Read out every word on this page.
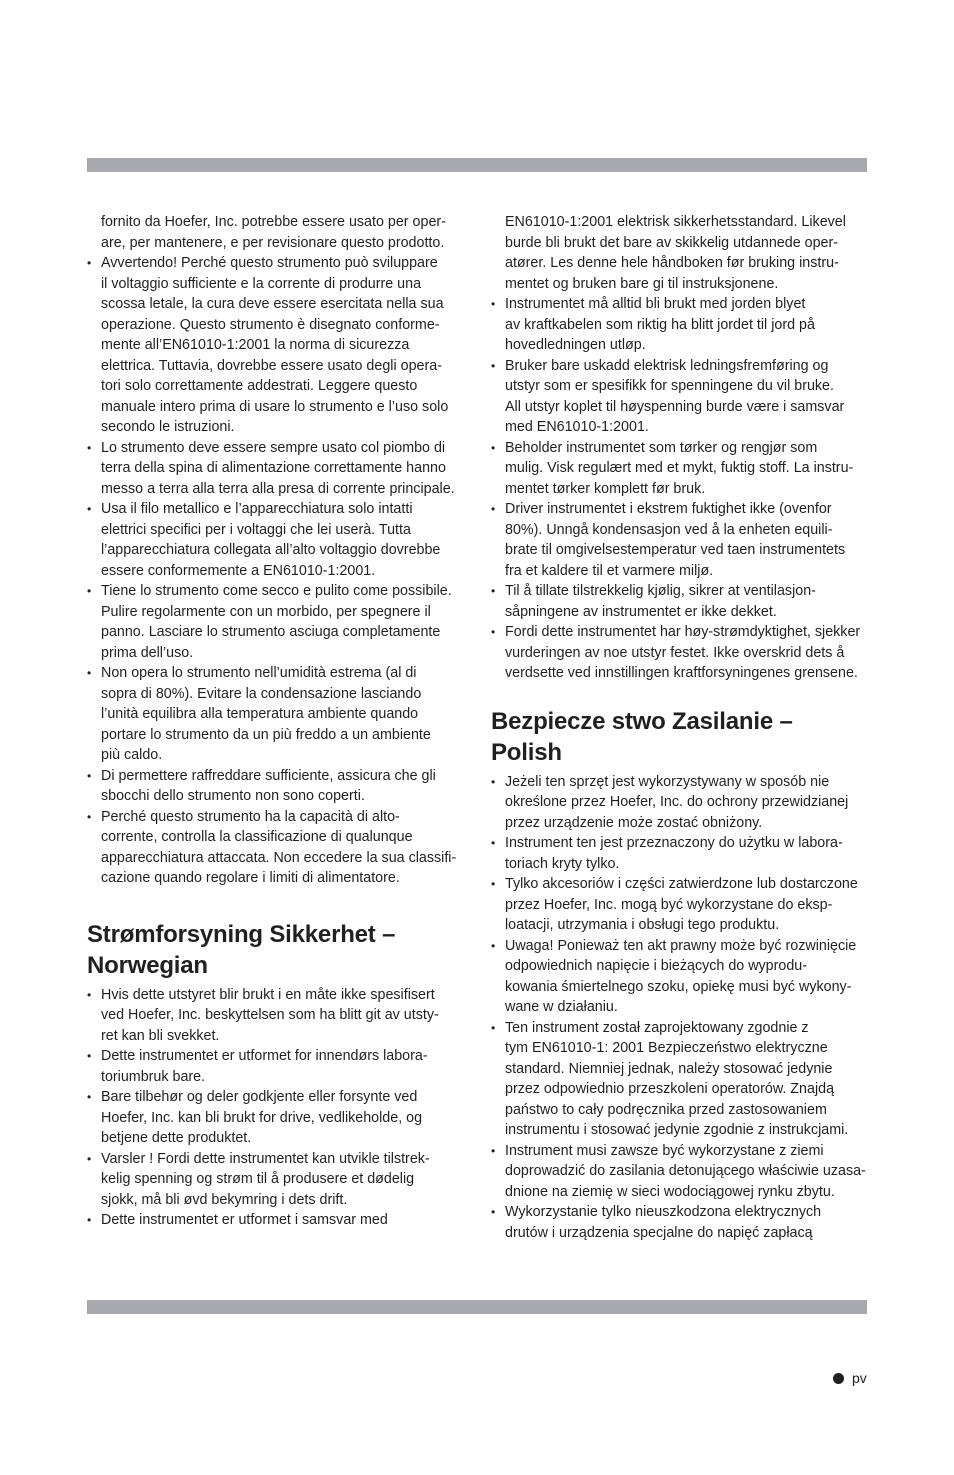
fornito da Hoefer, Inc. potrebbe essere usato per oper-
are, per mantenere, e per revisionare questo prodotto.

• Avvertendo! Perché questo strumento può sviluppare
il voltaggio sufficiente e la corrente di produrre una
scossa letale, la cura deve essere esercitata nella sua
operazione. Questo strumento è disegnato conforme-
mente all’EN61010-1:2001 la norma di sicurezza
elettrica. Tuttavia, dovrebbe essere usato degli opera-
tori solo correttamente addestrati. Leggere questo
manuale intero prima di usare lo strumento e l’uso solo
secondo le istruzioni.
• Lo strumento deve essere sempre usato col piombo di
terra della spina di alimentazione correttamente hanno
messo a terra alla terra alla presa di corrente principale.
• Usa il filo metallico e l’apparecchiatura solo intatti
elettrici specifici per i voltaggi che lei userà. Tutta
l’apparecchiatura collegata all’alto voltaggio dovrebbe
essere conformemente a EN61010-1:2001.
• Tiene lo strumento come secco e pulito come possibile.
Pulire regolarmente con un morbido, per spegnere il
panno. Lasciare lo strumento asciuga completamente
prima dell’uso.
• Non opera lo strumento nell’umidità estrema (al di
sopra di 80%). Evitare la condensazione lasciando
l’unità equilibra alla temperatura ambiente quando
portare lo strumento da un più freddo a un ambiente
più caldo.
• Di permettere raffreddare sufficiente, assicura che gli
sbocchi dello strumento non sono coperti.
• Perché questo strumento ha la capacità di alto-
corrente, controlla la classificazione di qualunque
apparecchiatura attaccata. Non eccedere la sua classifi-
cazione quando regolare i limiti di alimentatore.
Strømforsyning Sikkerhet –
Norwegian
• Hvis dette utstyret blir brukt i en måte ikke spesifisert
ved Hoefer, Inc. beskyttelsen som ha blitt git av utsty-
ret kan bli svekket.
• Dette instrumentet er utformet for innendørs labora-
toriumbruk bare.
• Bare tilbehør og deler godkjente eller forsynte ved
Hoefer, Inc. kan bli brukt for drive, vedlikeholde, og
betjene dette produktet.
• Varsler ! Fordi dette instrumentet kan utvikle tilstrek-
kelig spenning og strøm til å produsere et dødelig
sjokk, må bli øvd bekymring i dets drift.
• Dette instrumentet er utformet i samsvar med

EN61010-1:2001 elektrisk sikkerhetsstandard. Likevel
burde bli brukt det bare av skikkelig utdannede oper-
atører. Les denne hele håndboken før bruking instru-
mentet og bruken bare gi til instruksjonene.

• Instrumentet må alltid bli brukt med jorden blyet
av kraftkabelen som riktig ha blitt jordet til jord på
hovedledningen utløp.
• Bruker bare uskadd elektrisk ledningsfremføring og
utstyr som er spesifikk for spenningene du vil bruke.
All utstyr koplet til høyspenning burde være i samsvar
med EN61010-1:2001.
• Beholder instrumentet som tørker og rengjør som
mulig. Visk regulært med et mykt, fuktig stoff. La instru-
mentet tørker komplett før bruk.
• Driver instrumentet i ekstrem fuktighet ikke (ovenfor
80%). Unngå kondensasjon ved å la enheten equili-
brate til omgivelsestemperatur ved taen instrumentets
fra et kaldere til et varmere miljø.
• Til å tillate tilstrekkelig kjølig, sikrer at ventilasjon-
såpningene av instrumentet er ikke dekket.
• Fordi dette instrumentet har høy-strømdyktighet, sjekker
vurderingen av noe utstyr festet. Ikke overskrid dets å
verdsette ved innstillingen kraftforsyningenes grensene.
Bezpiecze stwo Zasilanie – Polish
• Jeżeli ten sprzęt jest wykorzystywany w sposób nie
określone przez Hoefer, Inc. do ochrony przewidzianej
przez urządzenie może zostać obniżony.
• Instrument ten jest przeznaczony do użytku w labora-
toriach kryty tylko.
• Tylko akcesoriów i części zatwierdzone lub dostarczone
przez Hoefer, Inc. mogą być wykorzystane do eksp-
loatacji, utrzymania i obsługi tego produktu.
• Uwaga! Ponieważ ten akt prawny może być rozwinięcie
odpowiednich napięcie i bieżących do wyprodu-
kowania śmiertelnego szoku, opiekę musi być wykony-
wane w działaniu.
• Ten instrument został zaprojektowany zgodnie z
tym EN61010-1: 2001 Bezpieczeństwo elektryczne
standard. Niemniej jednak, należy stosować jedynie
przez odpowiednio przeszkoleni operatorów. Znajdą
państwo to cały podręcznika przed zastosowaniem
instrumentu i stosować jedynie zgodnie z instrukcjami.
• Instrument musi zawsze być wykorzystane z ziemi
doprowadzić do zasilania detonującego właściwie uzasa-
dnione na ziemię w sieci wodociągowej rynku zbytu.
• Wykorzystanie tylko nieuszkodzona elektrycznych
drutów i urządzenia specjalne do napięć zapłacą
pv
